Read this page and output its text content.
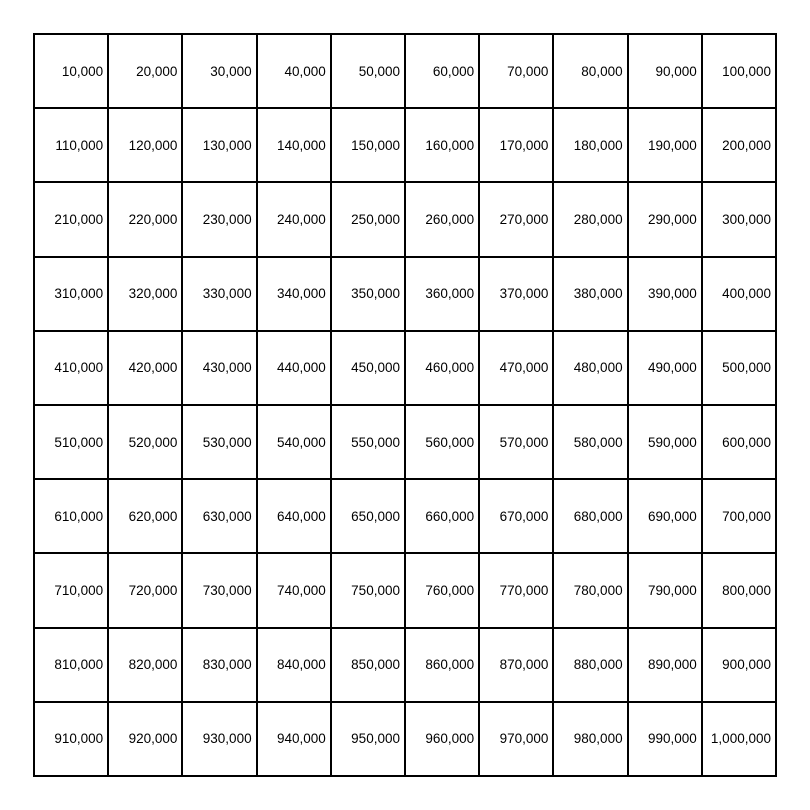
10,000	20,000	30,000	40,000	50,000	60,000	70,000	80,000	90,000	100,000
110,000	120,000	130,000	140,000	150,000	160,000	170,000	180,000	190,000	200,000
210,000	220,000	230,000	240,000	250,000	260,000	270,000	280,000	290,000	300,000
310,000	320,000	330,000	340,000	350,000	360,000	370,000	380,000	390,000	400,000
410,000	420,000	430,000	440,000	450,000	460,000	470,000	480,000	490,000	500,000
510,000	520,000	530,000	540,000	550,000	560,000	570,000	580,000	590,000	600,000
610,000	620,000	630,000	640,000	650,000	660,000	670,000	680,000	690,000	700,000
710,000	720,000	730,000	740,000	750,000	760,000	770,000	780,000	790,000	800,000
810,000	820,000	830,000	840,000	850,000	860,000	870,000	880,000	890,000	900,000
910,000	920,000	930,000	940,000	950,000	960,000	970,000	980,000	990,000	1,000,000
